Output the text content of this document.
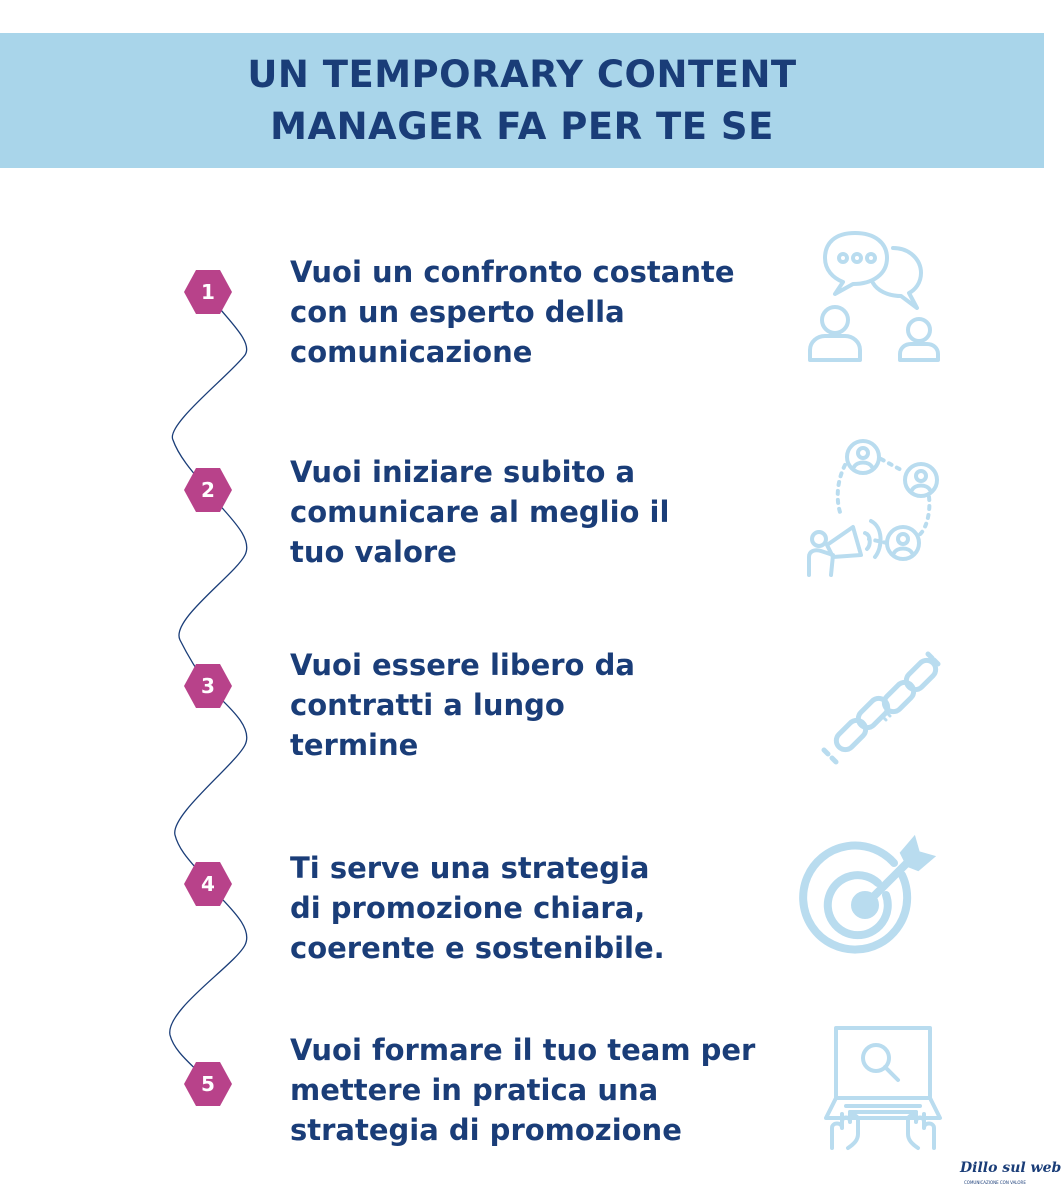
UN TEMPORARY CONTENT
MANAGER FA PER TE SE
1
Vuoi un confronto costante
con un esperto della
comunicazione
2
Vuoi iniziare subito a
comunicare al meglio il
tuo valore
3
Vuoi essere libero da
contratti a lungo
termine
4	Ti serve una strategia
di promozione chiara,
coerente e sostenibile.
5
Vuoi formare il tuo team per
mettere in pratica una
strategia di promozione
Dillo sul web
COMUNICAZIONE CON VALORE
